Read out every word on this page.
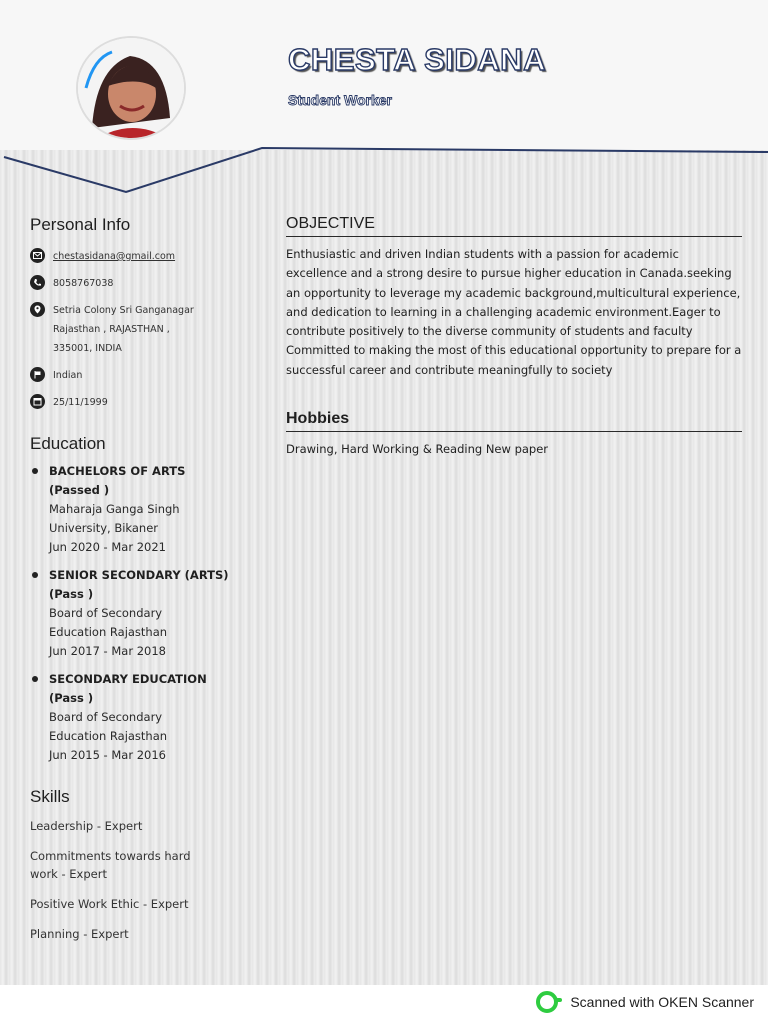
CHESTA SIDANA
Student Worker
Personal Info
chestasidana@gmail.com
8058767038
Setria Colony Sri Ganganagar
Rajasthan , RAJASTHAN ,
335001, INDIA
Indian
25/11/1999
Education
BACHELORS OF ARTS
(Passed )
Maharaja Ganga Singh University, Bikaner
Jun 2020 - Mar 2021
SENIOR SECONDARY (ARTS)
(Pass )
Board of Secondary Education Rajasthan
Jun 2017 - Mar 2018
SECONDARY EDUCATION
(Pass )
Board of Secondary Education Rajasthan
Jun 2015 - Mar 2016
Skills
Leadership - Expert
Commitments towards hard work - Expert
Positive Work Ethic - Expert
Planning - Expert
OBJECTIVE

Enthusiastic and driven Indian students with a passion for academic excellence and a strong desire to pursue higher education in Canada.seeking an opportunity to leverage my academic background,multicultural experience, and dedication to learning in a challenging academic environment.Eager to contribute positively to the diverse community of students and faculty Committed to making the most of this educational opportunity to prepare for a successful career and contribute meaningfully to society

Hobbies

Drawing, Hard Working & Reading New paper

Scanned with OKEN Scanner
